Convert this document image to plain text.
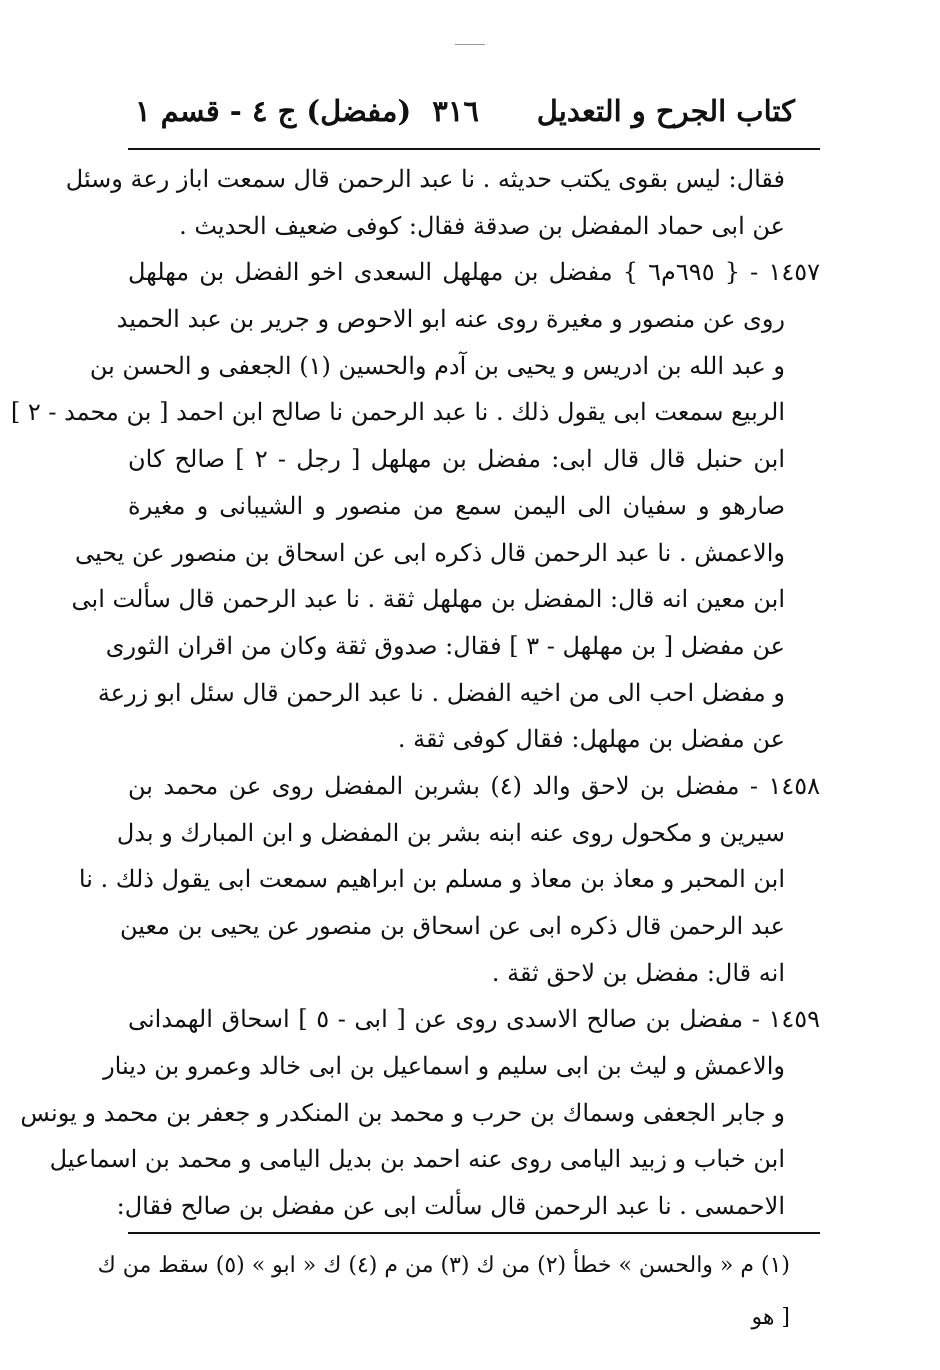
كتاب الجرح و التعديل
٣١٦
(مفضل) ج ٤ - قسم ١
فقال: ليس بقوى يكتب حديثه . نا عبد الرحمن قال سمعت اباز رعة وسئل
عن ابى حماد المفضل بن صدقة فقال: كوفى ضعيف الحديث .
١٤٥٧ - { ٦٩٥م٦ } مفضل بن مهلهل السعدى اخو الفضل بن مهلهل
روى عن منصور و مغيرة روى عنه ابو الاحوص و جرير بن عبد الحميد
و عبد الله بن ادريس و يحيى بن آدم والحسين (١) الجعفى و الحسن بن
الربيع سمعت ابى يقول ذلك . نا عبد الرحمن نا صالح ابن احمد [ بن محمد - ٢ ]
ابن حنبل قال قال ابى: مفضل بن مهلهل [ رجل - ٢ ] صالح كان
صارهو و سفيان الى اليمن سمع من منصور و الشيبانى و مغيرة
والاعمش . نا عبد الرحمن قال ذكره ابى عن اسحاق بن منصور عن يحيى
ابن معين انه قال: المفضل بن مهلهل ثقة . نا عبد الرحمن قال سألت ابى
عن مفضل [ بن مهلهل - ٣ ] فقال: صدوق ثقة وكان من اقران الثورى
و مفضل احب الى من اخيه الفضل . نا عبد الرحمن قال سئل ابو زرعة
عن مفضل بن مهلهل: فقال كوفى ثقة .
١٤٥٨ - مفضل بن لاحق والد (٤) بشربن المفضل روى عن محمد بن
سيرين و مكحول روى عنه ابنه بشر بن المفضل و ابن المبارك و بدل
ابن المحبر و معاذ بن معاذ و مسلم بن ابراهيم سمعت ابى يقول ذلك . نا
عبد الرحمن قال ذكره ابى عن اسحاق بن منصور عن يحيى بن معين
انه قال: مفضل بن لاحق ثقة .
١٤٥٩ - مفضل بن صالح الاسدى روى عن [ ابى - ٥ ] اسحاق الهمدانى
والاعمش و ليث بن ابى سليم و اسماعيل بن ابى خالد وعمرو بن دينار
و جابر الجعفى وسماك بن حرب و محمد بن المنكدر و جعفر بن محمد و يونس
ابن خباب و زبيد اليامى روى عنه احمد بن بديل اليامى و محمد بن اسماعيل
الاحمسى . نا عبد الرحمن قال سألت ابى عن مفضل بن صالح فقال:
(١) م « والحسن » خطأ (٢) من ك (٣) من م (٤) ك « ابو » (٥) سقط من ك
[ هو
